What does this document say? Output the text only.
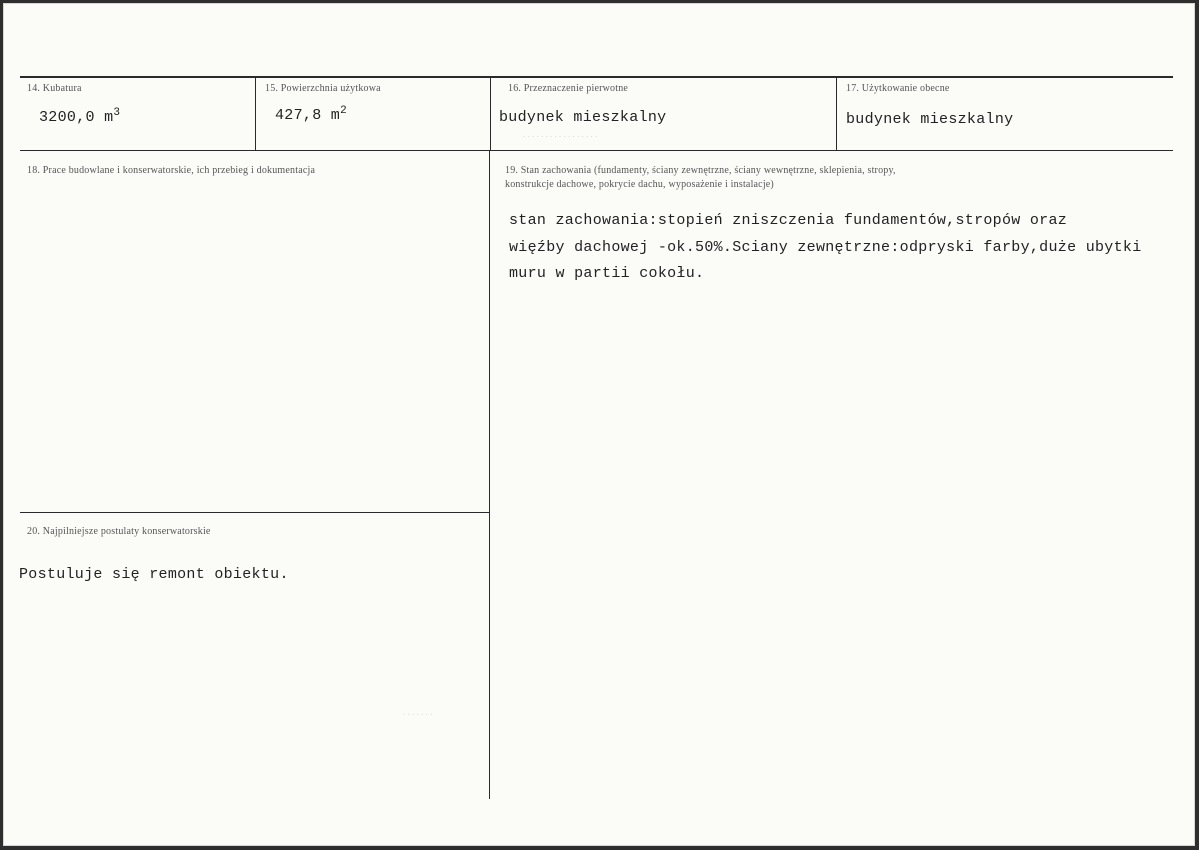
. . . . . . . . . . . . . . . . .
. . . . . . .
14. Kubatura
3200,0 $m^3$
15. Powierzchnia użytkowa
427,8 $m^2$
16. Przeznaczenie pierwotne
budynek mieszkalny
17. Użytkowanie obecne
budynek mieszkalny
18. Prace budowlane i konserwatorskie, ich przebieg i dokumentacja	19. Stan zachowania (fundamenty, ściany zewnętrzne, ściany wewnętrzne, sklepienia, stropy,
konstrukcje dachowe, pokrycie dachu, wyposażenie i instalacje)
stan zachowania:stopień zniszczenia fundamentów,stropów oraz
więźby dachowej -ok.50%.Sciany zewnętrzne:odpryski farby,duże ubytki
muru w partii cokołu.
20. Najpilniejsze postulaty konserwatorskie
Postuluje się remont obiektu.
